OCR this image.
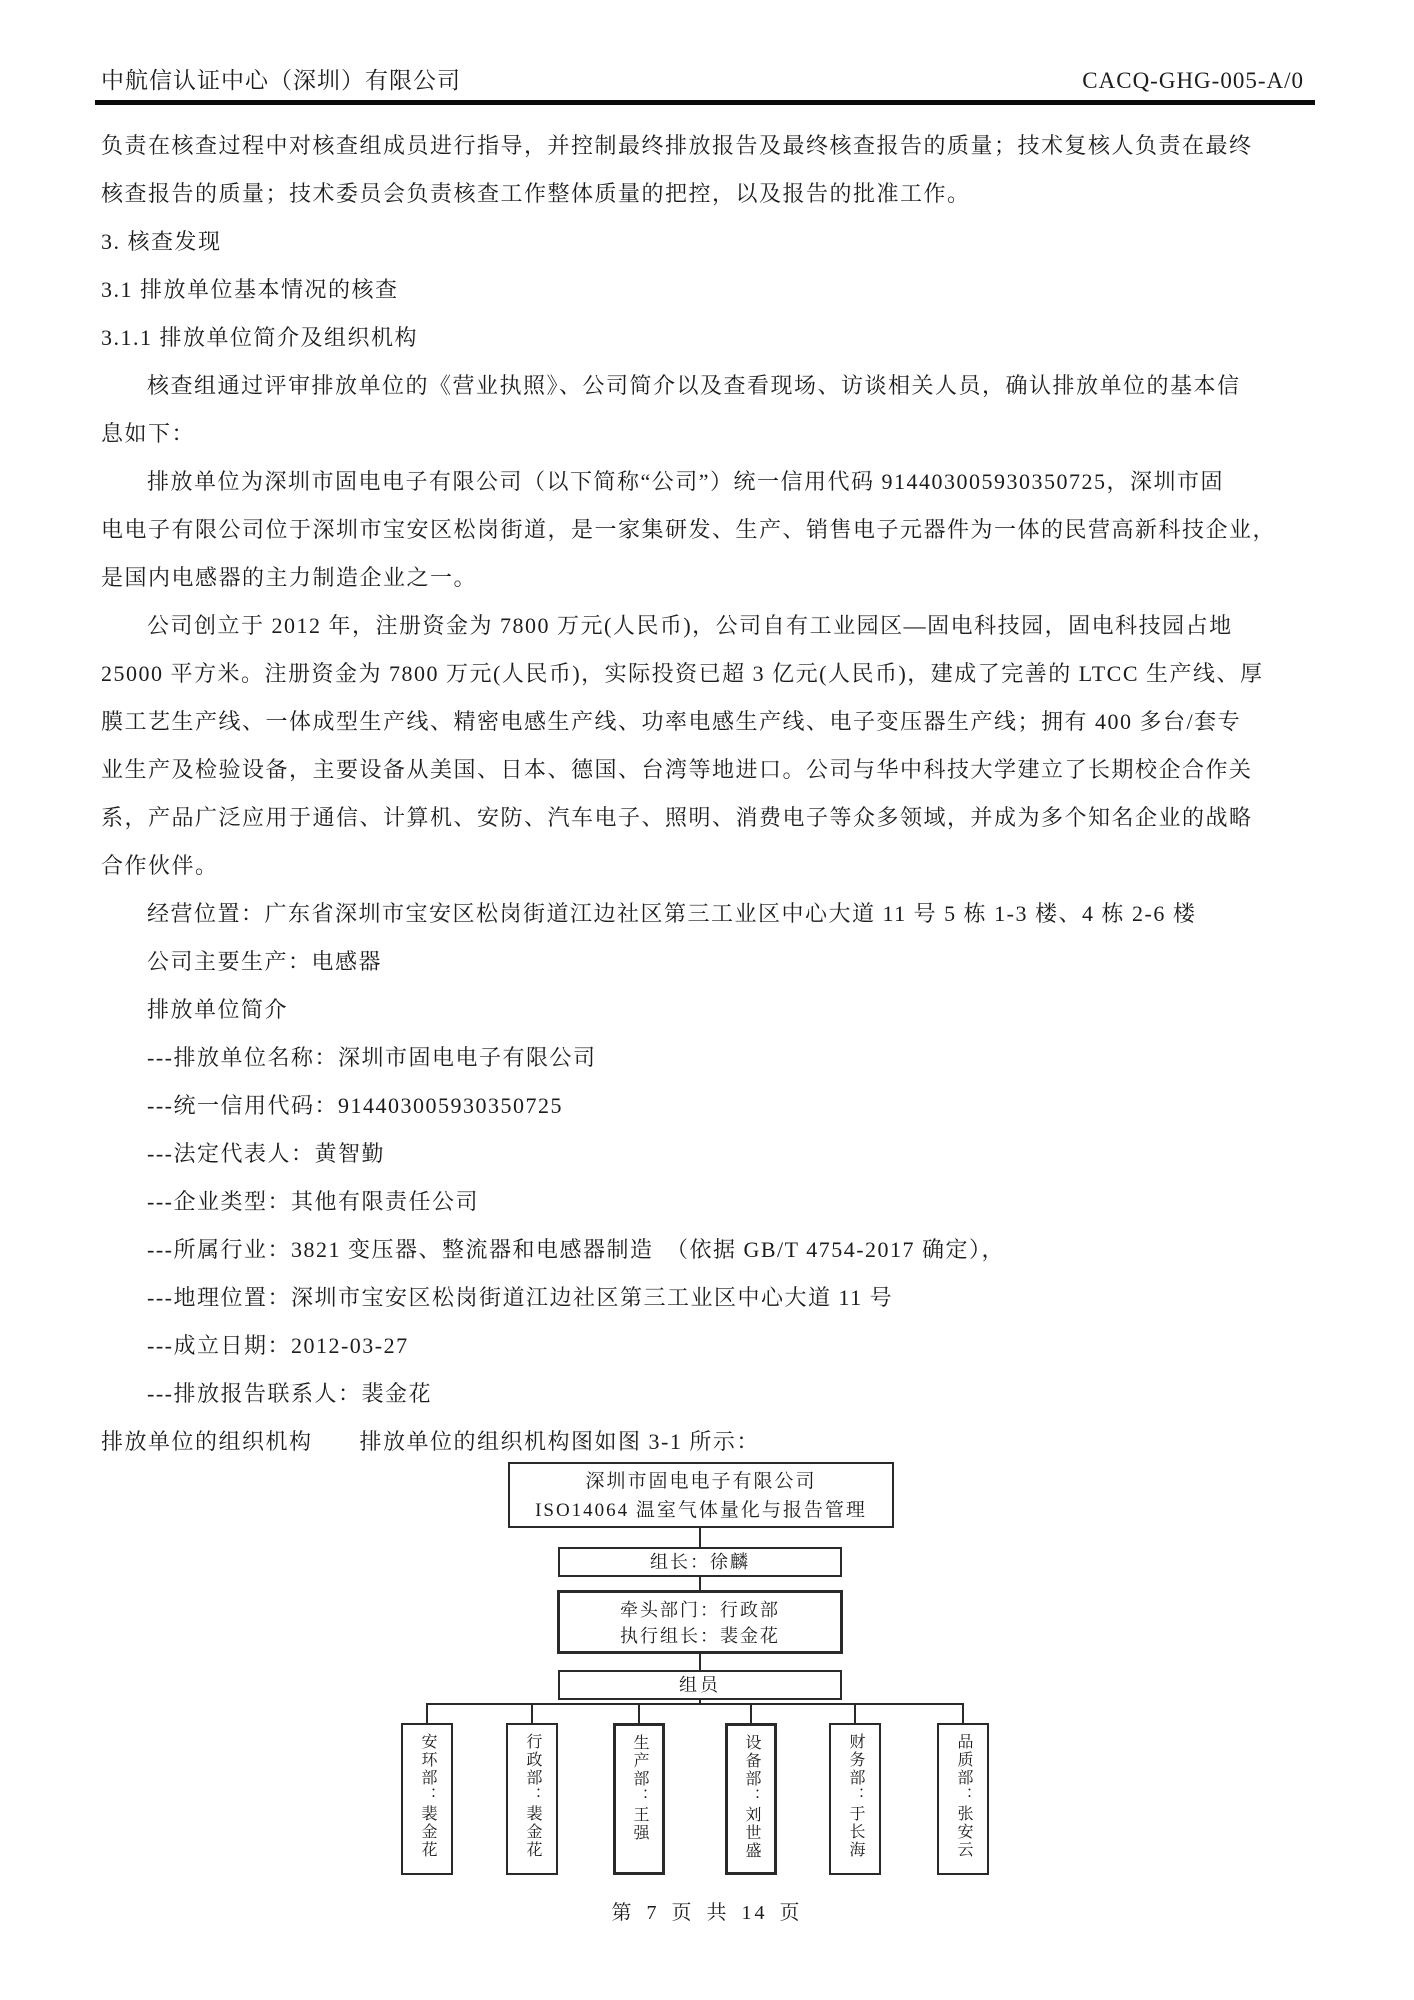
中航信认证中心（深圳）有限公司	CACQ-GHG-005-A/0

负责在核查过程中对核查组成员进行指导，并控制最终排放报告及最终核查报告的质量；技术复核人负责在最终

核查报告的质量；技术委员会负责核查工作整体质量的把控，以及报告的批准工作。

3. 核查发现

3.1 排放单位基本情况的核查

3.1.1 排放单位简介及组织机构

核查组通过评审排放单位的《营业执照》、公司简介以及查看现场、访谈相关人员，确认排放单位的基本信

息如下：

排放单位为深圳市固电电子有限公司（以下简称“公司”）统一信用代码 914403005930350725，深圳市固

电电子有限公司位于深圳市宝安区松岗街道，是一家集研发、生产、销售电子元器件为一体的民营高新科技企业，

是国内电感器的主力制造企业之一。

公司创立于 2012 年，注册资金为 7800 万元(人民币)，公司自有工业园区—固电科技园，固电科技园占地

25000 平方米。注册资金为 7800 万元(人民币)，实际投资已超 3 亿元(人民币)，建成了完善的 LTCC 生产线、厚

膜工艺生产线、一体成型生产线、精密电感生产线、功率电感生产线、电子变压器生产线；拥有 400 多台/套专

业生产及检验设备，主要设备从美国、日本、德国、台湾等地进口。公司与华中科技大学建立了长期校企合作关

系，产品广泛应用于通信、计算机、安防、汽车电子、照明、消费电子等众多领域，并成为多个知名企业的战略

合作伙伴。

经营位置：广东省深圳市宝安区松岗街道江边社区第三工业区中心大道 11 号 5 栋 1-3 楼、4 栋 2-6 楼

公司主要生产：电感器

排放单位简介

---排放单位名称：深圳市固电电子有限公司

---统一信用代码：914403005930350725

---法定代表人：黄智勤

---企业类型：其他有限责任公司

---所属行业：3821 变压器、整流器和电感器制造　（依据 GB/T 4754-2017 确定），

---地理位置：深圳市宝安区松岗街道江边社区第三工业区中心大道 11 号

---成立日期：2012-03-27

---排放报告联系人：裴金花

排放单位的组织机构 排放单位的组织机构图如图 3-1 所示：

深圳市固电电子有限公司
ISO14064 温室气体量化与报告管理
组长：徐麟
牵头部门：行政部
执行组长：裴金花
组员
安环部：裴金花	行政部：裴金花	生产部：王强	设备部：刘世盛	财务部：于长海	品质部：张安云
第 7 页 共 14 页
